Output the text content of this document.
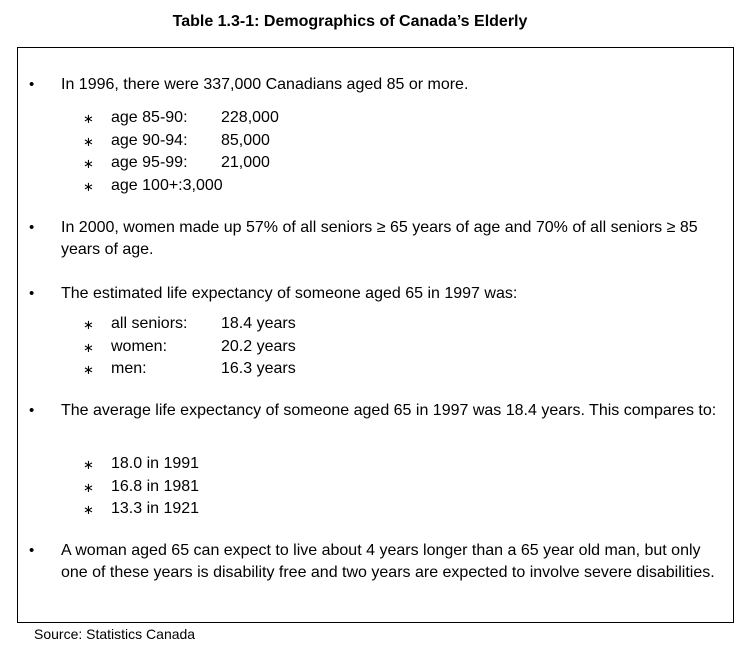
Table 1.3-1: Demographics of Canada’s Elderly
• In 1996, there were 337,000 Canadians aged 85 or more.
∗ age 85-90: 228,000
∗ age 90-94: 85,000
∗ age 95-99: 21,000
∗ age 100+:3,000
• In 2000, women made up 57% of all seniors ≥ 65 years of age and 70% of all seniors ≥ 85 years of age.
• The estimated life expectancy of someone aged 65 in 1997 was:
∗ all seniors: 18.4 years
∗ women:	20.2 years
∗ men:	16.3 years
• The average life expectancy of someone aged 65 in 1997 was 18.4 years. This compares to:
∗ 18.0 in 1991
∗ 16.8 in 1981
∗ 13.3 in 1921
• A woman aged 65 can expect to live about 4 years longer than a 65 year old man, but only one of these years is disability free and two years are expected to involve severe disabilities.
Source: Statistics Canada
